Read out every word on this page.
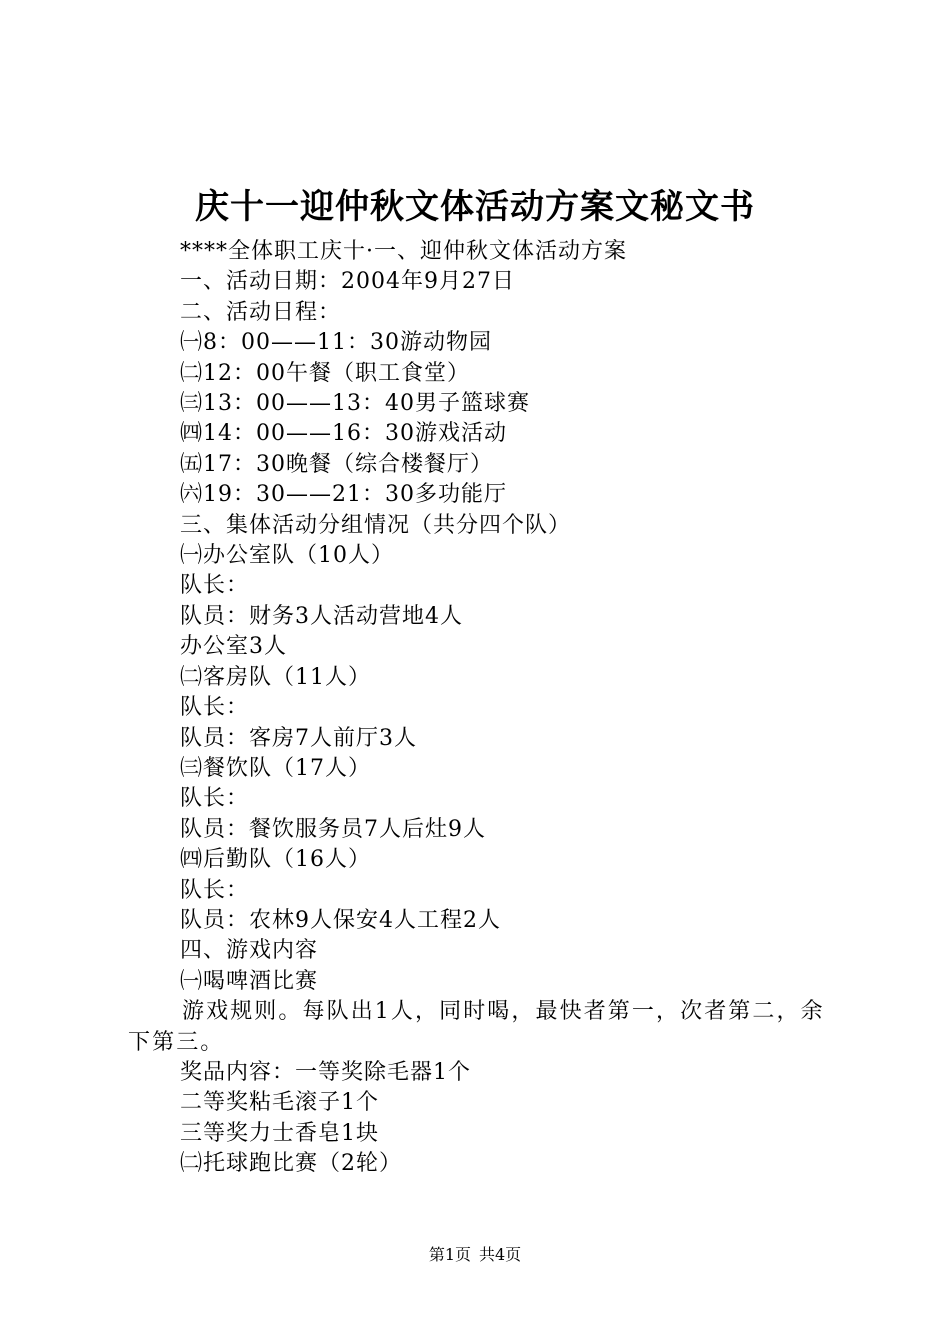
庆十一迎仲秋文体活动方案文秘文书
****全体职工庆十·一、迎仲秋文体活动方案
一、活动日期：2004年9月27日
二、活动日程：
㈠8：00——11：30游动物园
㈡12：00午餐（职工食堂）
㈢13：00——13：40男子篮球赛
㈣14：00——16：30游戏活动
㈤17：30晚餐（综合楼餐厅）
㈥19：30——21：30多功能厅
三、集体活动分组情况（共分四个队）
㈠办公室队（10人）
队长：
队员：财务3人活动营地4人
办公室3人
㈡客房队（11人）
队长：
队员：客房7人前厅3人
㈢餐饮队（17人）
队长：
队员：餐饮服务员7人后灶9人
㈣后勤队（16人）
队长：
队员：农林9人保安4人工程2人
四、游戏内容
㈠喝啤酒比赛
游戏规则。每队出1人，同时喝，最快者第一，次者第二，余下第三。
奖品内容：一等奖除毛器1个
二等奖粘毛滚子1个
三等奖力士香皂1块
㈡托球跑比赛（2轮）
第1页 共4页
